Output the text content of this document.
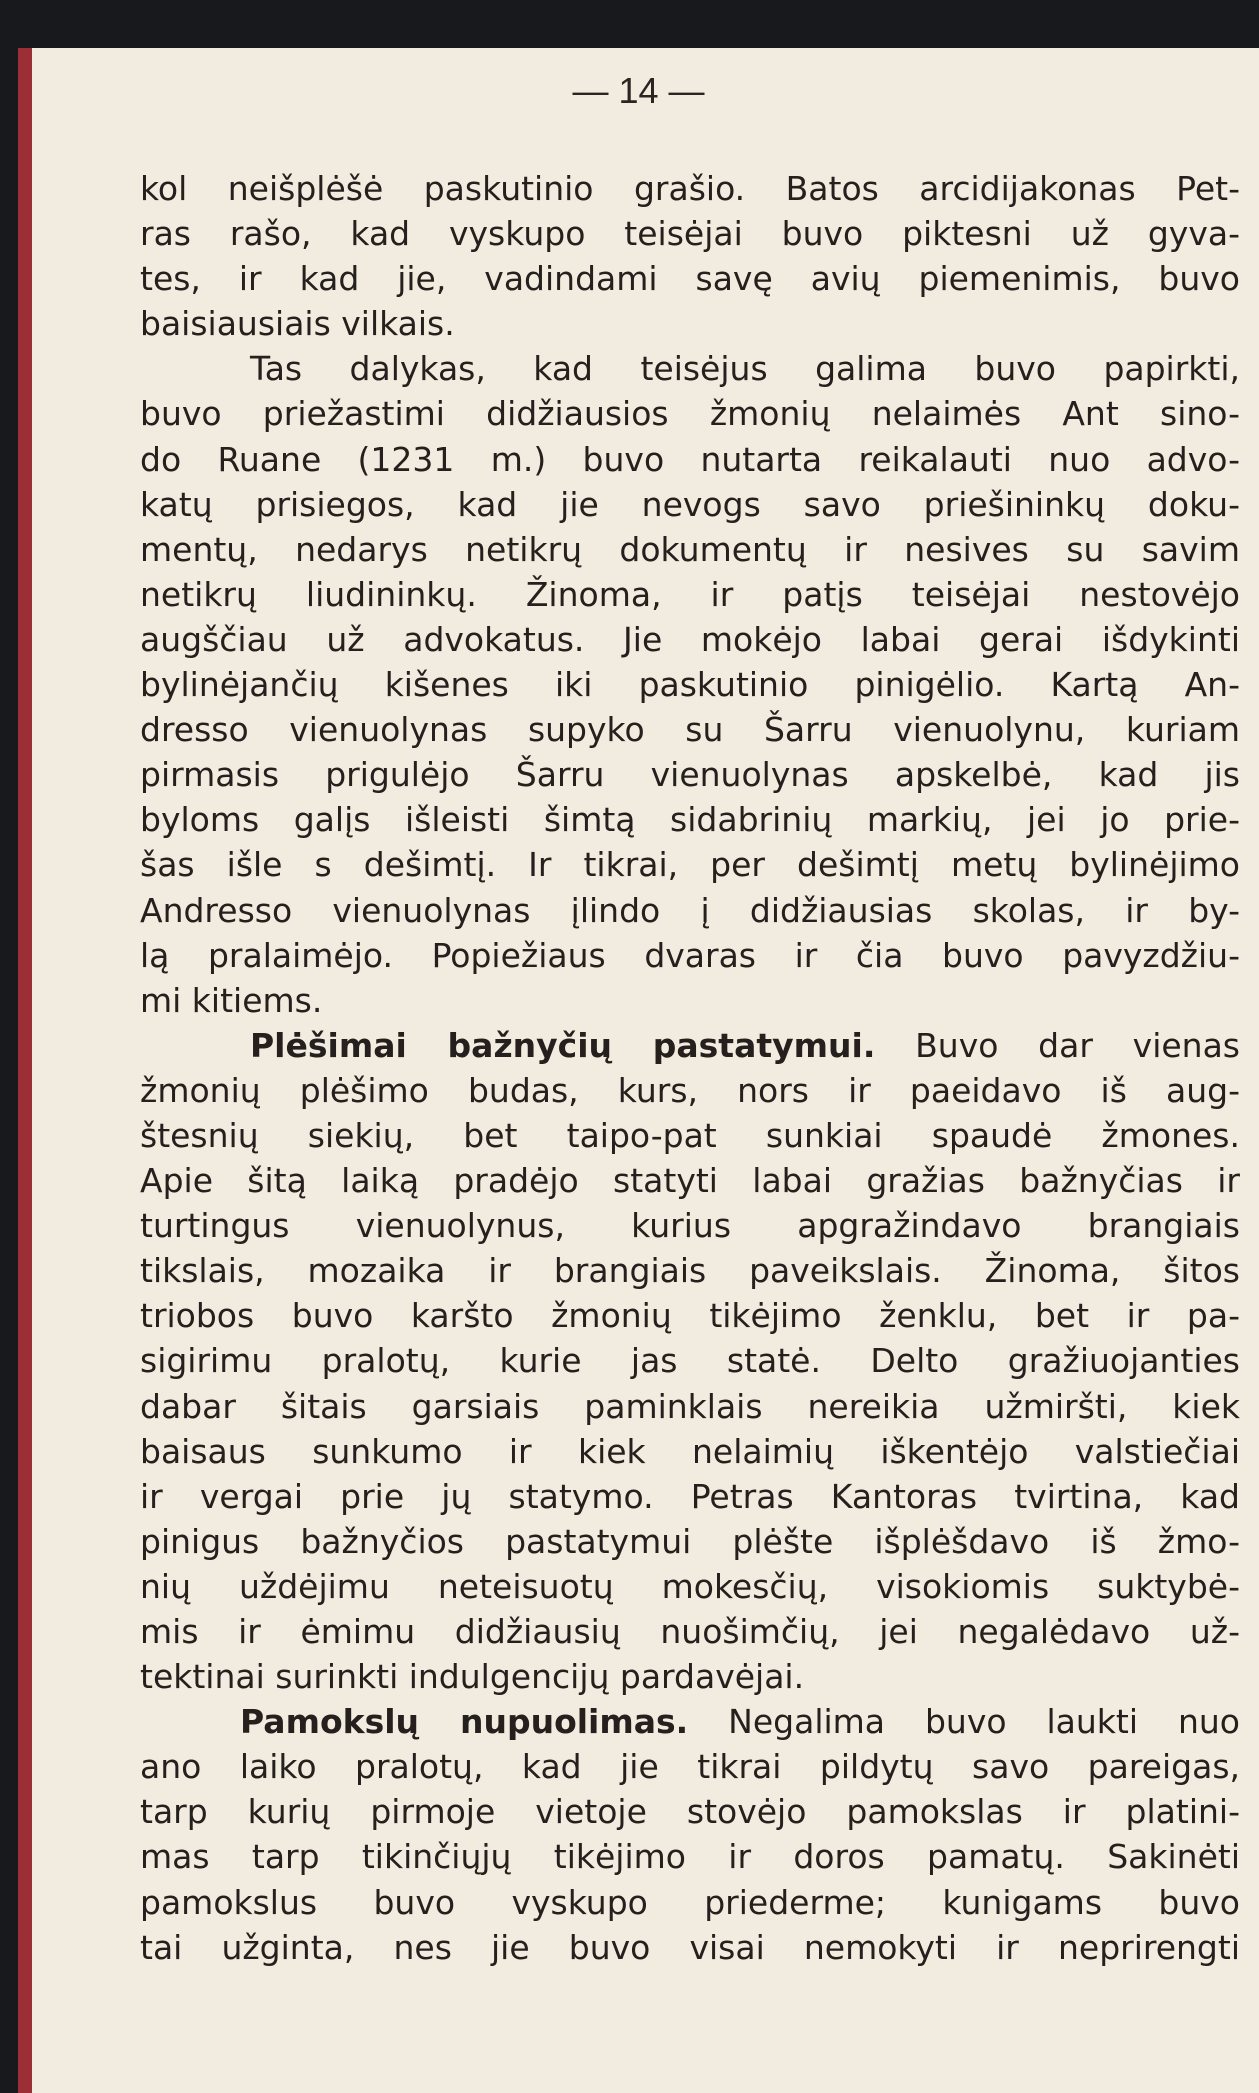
— 14 —
kol neišplėšė paskutinio grašio. Batos arcidijakonas Pet-
ras rašo, kad vyskupo teisėjai buvo piktesni už gyva-
tes, ir kad jie, vadindami savę avių piemenimis, buvo
baisiausiais vilkais.
Tas dalykas, kad teisėjus galima buvo papirkti,
buvo priežastimi didžiausios žmonių nelaimės Ant sino-
do Ruane (1231 m.) buvo nutarta reikalauti nuo advo-
katų prisiegos, kad jie nevogs savo priešininkų doku-
mentų, nedarys netikrų dokumentų ir nesives su savim
netikrų liudininkų. Žinoma, ir patįs teisėjai nestovėjo
augščiau už advokatus. Jie mokėjo labai gerai išdykinti
bylinėjančių kišenes iki paskutinio pinigėlio. Kartą An-
dresso vienuolynas supyko su Šarru vienuolynu, kuriam
pirmasis prigulėjo Šarru vienuolynas apskelbė, kad jis
byloms galįs išleisti šimtą sidabrinių markių, jei jo prie-
šas išle s dešimtį. Ir tikrai, per dešimtį metų bylinėjimo
Andresso vienuolynas įlindo į didžiausias skolas, ir by-
lą pralaimėjo. Popiežiaus dvaras ir čia buvo pavyzdžiu-
mi kitiems.
Plėšimai bažnyčių pastatymui. Buvo dar vienas
žmonių plėšimo budas, kurs, nors ir paeidavo iš aug-
štesnių siekių, bet taipo-pat sunkiai spaudė žmones.
Apie šitą laiką pradėjo statyti labai gražias bažnyčias ir
turtingus vienuolynus, kurius apgražindavo brangiais
tikslais, mozaika ir brangiais paveikslais. Žinoma, šitos
triobos buvo karšto žmonių tikėjimo ženklu, bet ir pa-
sigirimu pralotų, kurie jas statė. Delto gražiuojanties
dabar šitais garsiais paminklais nereikia užmiršti, kiek
baisaus sunkumo ir kiek nelaimių iškentėjo valstiečiai
ir vergai prie jų statymo. Petras Kantoras tvirtina, kad
pinigus bažnyčios pastatymui plėšte išplėšdavo iš žmo-
nių uždėjimu neteisuotų mokesčių, visokiomis suktybė-
mis ir ėmimu didžiausių nuošimčių, jei negalėdavo už-
tektinai surinkti indulgencijų pardavėjai.
Pamokslų nupuolimas. Negalima buvo laukti nuo
ano laiko pralotų, kad jie tikrai pildytų savo pareigas,
tarp kurių pirmoje vietoje stovėjo pamokslas ir platini-
mas tarp tikinčiųjų tikėjimo ir doros pamatų. Sakinėti
pamokslus buvo vyskupo priederme; kunigams buvo
tai užginta, nes jie buvo visai nemokyti ir neprirengti
